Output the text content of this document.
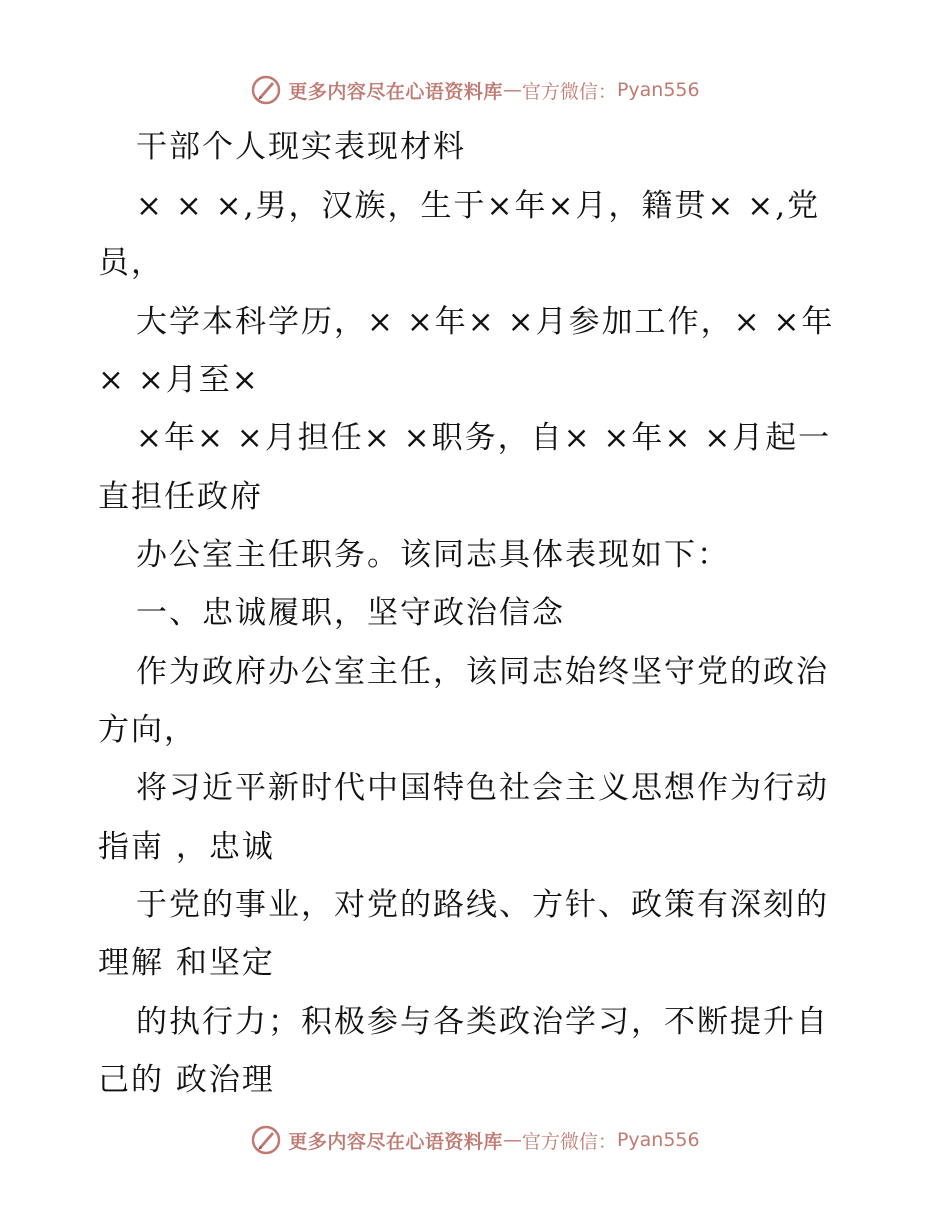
更多内容尽在心语资料库 — 官方微信： Pyan556
干部个人现实表现材料
× × ×,男，汉族，生于×年×月，籍贯× ×,党
员，
大学本科学历，× ×年× ×月参加工作，× ×年
× ×月至×
×年× ×月担任× ×职务，自× ×年× ×月起一
直担任政府
办公室主任职务。该同志具体表现如下：
一、忠诚履职，坚守政治信念
作为政府办公室主任，该同志始终坚守党的政治
方向，
将习近平新时代中国特色社会主义思想作为行动
指南 ，忠诚
于党的事业，对党的路线、方针、政策有深刻的
理解 和坚定
的执行力；积极参与各类政治学习，不断提升自
己的 政治理
更多内容尽在心语资料库 — 官方微信： Pyan556
